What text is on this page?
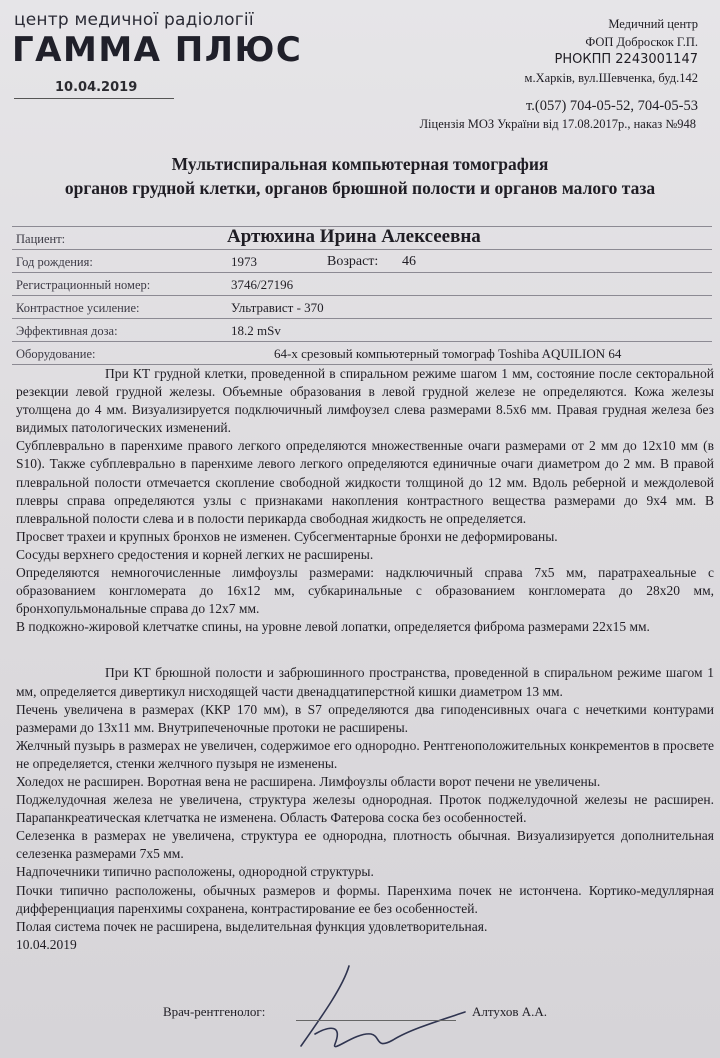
центр медичної радіології
ГАММА ПЛЮС
10.04.2019
Медичний центр
ФОП Доброскок Г.П.
РНОКПП 2243001147
м.Харків, вул.Шевченка, буд.142
т.(057) 704-05-52, 704-05-53
Ліцензія МОЗ України від 17.08.2017р., наказ №948
Мультиспиральная компьютерная томография
органов грудной клетки, органов брюшной полости и органов малого таза
Пациент:	Артюхина Ирина Алексеевна
Год рождения:	1973	Возраст: 46
Регистрационный номер:	3746/27196
Контрастное усиление:	Ультравист - 370
Эффективная доза:	18.2 mSv
Оборудование:	64-х срезовый компьютерный томограф Toshiba AQUILION 64

При КТ грудной клетки, проведенной в спиральном режиме шагом 1 мм, состояние после секторальной резекции левой грудной железы. Объемные образования в левой грудной железе не определяются. Кожа железы утолщена до 4 мм. Визуализируется подключичный лимфоузел слева размерами 8.5х6 мм. Правая грудная железа без видимых патологических изменений.

Субплеврально в паренхиме правого легкого определяются множественные очаги размерами от 2 мм до 12х10 мм (в S10). Также субплеврально в паренхиме левого легкого определяются единичные очаги диаметром до 2 мм. В правой плевральной полости отмечается скопление свободной жидкости толщиной до 12 мм. Вдоль реберной и междолевой плевры справа определяются узлы с признаками накопления контрастного вещества размерами до 9х4 мм. В плевральной полости слева и в полости перикарда свободная жидкость не определяется.

Просвет трахеи и крупных бронхов не изменен. Субсегментарные бронхи не деформированы.

Сосуды верхнего средостения и корней легких не расширены.

Определяются немногочисленные лимфоузлы размерами: надключичный справа 7х5 мм, паратрахеальные с образованием конгломерата до 16х12 мм, субкаринальные с образованием конгломерата до 28х20 мм, бронхопульмональные справа до 12х7 мм.

В подкожно-жировой клетчатке спины, на уровне левой лопатки, определяется фиброма размерами 22х15 мм.

При КТ брюшной полости и забрюшинного пространства, проведенной в спиральном режиме шагом 1 мм, определяется дивертикул нисходящей части двенадцатиперстной кишки диаметром 13 мм.

Печень увеличена в размерах (ККР 170 мм), в S7 определяются два гиподенсивных очага с нечеткими контурами размерами до 13х11 мм. Внутрипеченочные протоки не расширены.

Желчный пузырь в размерах не увеличен, содержимое его однородно. Рентгеноположительных конкрементов в просвете не определяется, стенки желчного пузыря не изменены.

Холедох не расширен. Воротная вена не расширена. Лимфоузлы области ворот печени не увеличены.

Поджелудочная железа не увеличена, структура железы однородная. Проток поджелудочной железы не расширен. Парапанкреатическая клетчатка не изменена. Область Фатерова соска без особенностей.

Селезенка в размерах не увеличена, структура ее однородна, плотность обычная. Визуализируется дополнительная селезенка размерами 7х5 мм.

Надпочечники типично расположены, однородной структуры.

Почки типично расположены, обычных размеров и формы. Паренхима почек не истончена. Кортико-медуллярная дифференциация паренхимы сохранена, контрастирование ее без особенностей.

Полая система почек не расширена, выделительная функция удовлетворительная.

10.04.2019

Врач-рентгенолог:	Алтухов А.А.
